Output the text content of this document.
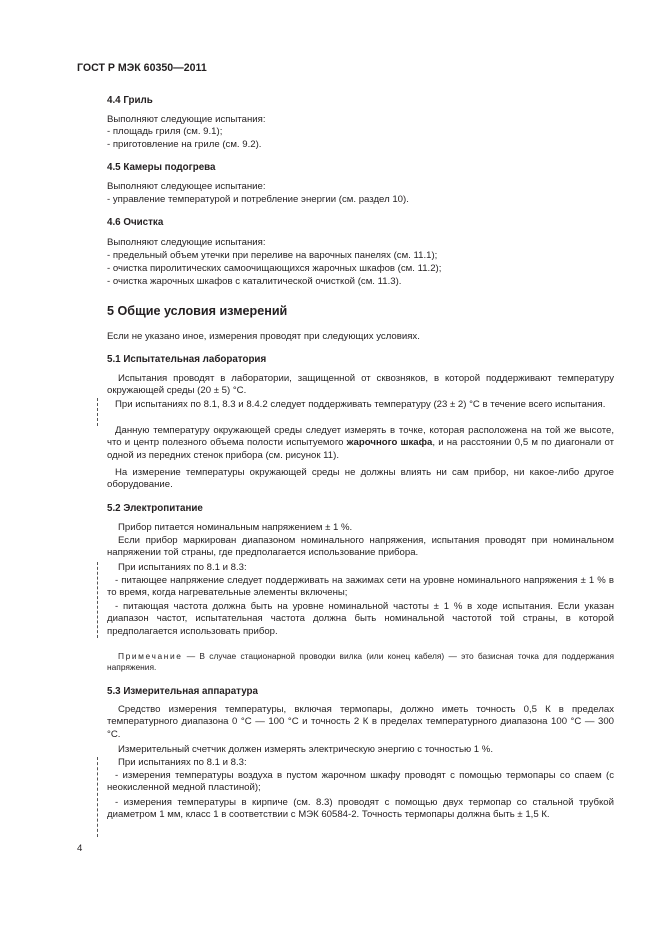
ГОСТ Р МЭК 60350—2011
4.4 Гриль
Выполняют следующие испытания:
- площадь гриля (см. 9.1);
- приготовление на гриле (см. 9.2).
4.5 Камеры подогрева
Выполняют следующее испытание:
- управление температурой и потребление энергии (см. раздел 10).
4.6 Очистка
Выполняют следующие испытания:
- предельный объем утечки при переливе на варочных панелях (см. 11.1);
- очистка пиролитических самоочищающихся жарочных шкафов (см. 11.2);
- очистка жарочных шкафов с каталитической очисткой (см. 11.3).
5 Общие условия измерений
Если не указано иное, измерения проводят при следующих условиях.
5.1 Испытательная лаборатория
Испытания проводят в лаборатории, защищенной от сквозняков, в которой поддерживают температуру окружающей среды (20 ± 5) °С.
При испытаниях по 8.1, 8.3 и 8.4.2 следует поддерживать температуру (23 ± 2) °С в течение всего испытания.
Данную температуру окружающей среды следует измерять в точке, которая расположена на той же высоте, что и центр полезного объема полости испытуемого жарочного шкафа, и на расстоянии 0,5 м по диагонали от одной из передних стенок прибора (см. рисунок 11).
На измерение температуры окружающей среды не должны влиять ни сам прибор, ни какое-либо другое оборудование.
5.2 Электропитание
Прибор питается номинальным напряжением ± 1 %.
Если прибор маркирован диапазоном номинального напряжения, испытания проводят при номинальном напряжении той страны, где предполагается использование прибора.
При испытаниях по 8.1 и 8.3:
- питающее напряжение следует поддерживать на зажимах сети на уровне номинального напряжения ± 1 % в то время, когда нагревательные элементы включены;
- питающая частота должна быть на уровне номинальной частоты ± 1 % в ходе испытания. Если указан диапазон частот, испытательная частота должна быть номинальной частотой той страны, в которой предполагается использовать прибор.
Примечание — В случае стационарной проводки вилка (или конец кабеля) — это базисная точка для поддержания напряжения.
5.3 Измерительная аппаратура
Средство измерения температуры, включая термопары, должно иметь точность 0,5 К в пределах температурного диапазона 0 °С — 100 °С и точность 2 К в пределах температурного диапазона 100 °С — 300 °С.
Измерительный счетчик должен измерять электрическую энергию с точностью 1 %.
При испытаниях по 8.1 и 8.3:
- измерения температуры воздуха в пустом жарочном шкафу проводят с помощью термопары со спаем (с неокисленной медной пластиной);
- измерения температуры в кирпиче (см. 8.3) проводят с помощью двух термопар со стальной трубкой диаметром 1 мм, класс 1 в соответствии с МЭК 60584-2. Точность термопары должна быть ± 1,5 К.
4
